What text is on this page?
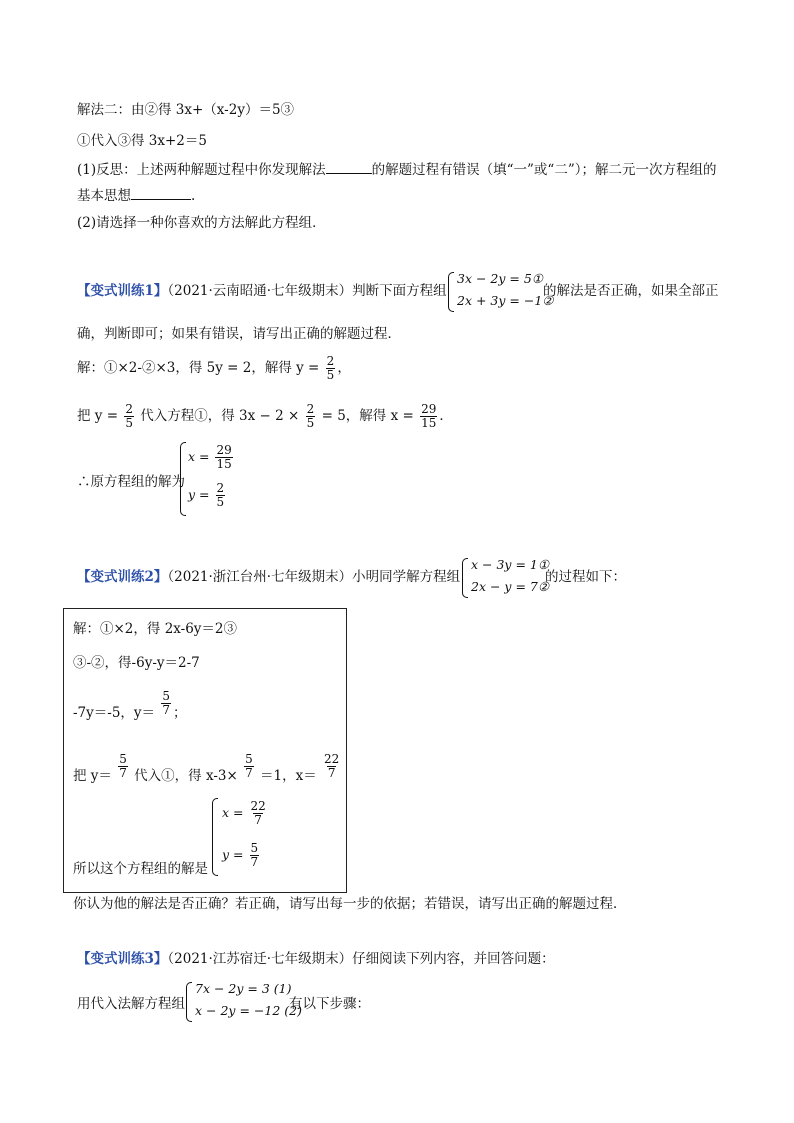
解法二：由②得 3x+（x-2y）＝5③
①代入③得 3x+2＝5
(1)反思：上述两种解题过程中你发现解法	的解题过程有错误（填“一”或“二”）；解二元一次方程组的
基本思想	.
(2)请选择一种你喜欢的方法解此方程组．
【变式训练1】（2021·云南昭通·七年级期末）判断下面方程组
3x − 2y = 5①
2x + 3y = −1②
的解法是否正确，如果全部正
确，判断即可；如果有错误，请写出正确的解题过程．
解：①×2-②×3，得 5y = 2，解得 $y = \frac{2}{5}$ ，
把 $y = \frac{2}{5}$ 代入方程①，得 $3x - 2 \times \frac{2}{5} = 5$，解得 $x = \frac{29}{15}$ ．
∴原方程组的解为
$x = \frac{29}{15}$
$y = \frac{2}{5}$
【变式训练2】（2021·浙江台州·七年级期末）小明同学解方程组
x − 3y = 1①
2x − y = 7②
的过程如下：
解：①×2，得 2x-6y＝2③
③-②，得-6y-y＝2-7
-7y＝-5，$y= \frac{5}{7}$ ；
把 $y= \frac{5}{7}$ 代入①，得 $x-3\times \frac{5}{7} =1$，$x= \frac{22}{7}$
所以这个方程组的解是
$x = \frac{22}{7}$
$y = \frac{5}{7}$
你认为他的解法是否正确？若正确，请写出每一步的依据；若错误，请写出正确的解题过程．
【变式训练3】（2021·江苏宿迁·七年级期末）仔细阅读下列内容，并回答问题：
用代入法解方程组
7x − 2y = 3 (1)
x − 2y = −12 (2)
有以下步骤：
